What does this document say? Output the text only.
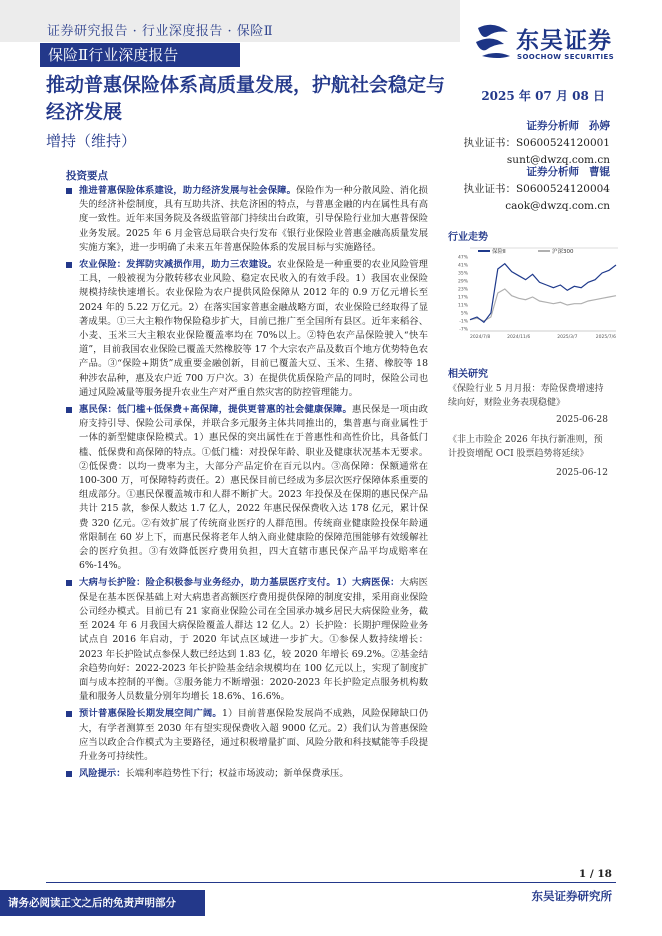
证券研究报告 · 行业深度报告 · 保险Ⅱ
保险Ⅱ行业深度报告
东吴证券
SOOCHOW SECURITIES
推动普惠保险体系高质量发展，护航社会稳定与经济发展
增持（维持）
2025 年 07 月 08 日
证券分析师 孙婷
执业证书：S0600524120001
sunt@dwzq.com.cn
证券分析师 曹锟
执业证书：S0600524120004
caok@dwzq.com.cn
投资要点
推进普惠保险体系建设，助力经济发展与社会保障。保险作为一种分散风险、消化损失的经济补偿制度，具有互助共济、扶危济困的特点，与普惠金融的内在属性具有高度一致性。近年来国务院及各级监管部门持续出台政策，引导保险行业加大惠普保险业务发展。2025 年 6 月金管总局联合央行发布《银行业保险业普惠金融高质量发展实施方案》，进一步明确了未来五年普惠保险体系的发展目标与实施路径。
农业保险：发挥防灾减损作用，助力三农建设。农业保险是一种重要的农业风险管理工具，一般被视为分散转移农业风险、稳定农民收入的有效手段。1）我国农业保险规模持续快速增长。农业保险为农户提供风险保障从 2012 年的 0.9 万亿元增长至 2024 年的 5.22 万亿元。2）在落实国家普惠金融战略方面，农业保险已经取得了显著成果。①三大主粮作物保险稳步扩大，目前已推广至全国所有县区。近年来稻谷、小麦、玉米三大主粮农业保险覆盖率均在 70%以上。②特色农产品保险驶入“快车道”，目前我国农业保险已覆盖天然橡胶等 17 个大宗农产品及数百个地方优势特色农产品。③“保险+期货”成重要金融创新，目前已覆盖大豆、玉米、生猪、橡胶等 18 种涉农品种，惠及农户近 700 万户次。3）在提供优质保险产品的同时，保险公司也通过风险减量等服务提升农业生产对严重自然灾害的防控管理能力。
惠民保：低门槛+低保费+高保障，提供更普惠的社会健康保障。惠民保是一项由政府支持引导、保险公司承保，并联合多元服务主体共同推出的，集普惠与商业属性于一体的新型健康保险模式。1）惠民保的突出属性在于普惠性和高性价比，具备低门槛、低保费和高保障的特点。①低门槛：对投保年龄、职业及健康状况基本无要求。②低保费：以均一费率为主，大部分产品定价在百元以内。③高保障：保额通常在 100-300 万，可保障特药责任。2）惠民保目前已经成为多层次医疗保障体系重要的组成部分。①惠民保覆盖城市和人群不断扩大。2023 年投保及在保期的惠民保产品共计 215 款，参保人数达 1.7 亿人，2022 年惠民保保费收入达 178 亿元，累计保费 320 亿元。②有效扩展了传统商业医疗的人群范围。传统商业健康险投保年龄通常限制在 60 岁上下，而惠民保将老年人纳入商业健康险的保障范围能够有效缓解社会的医疗负担。③有效降低医疗费用负担，四大直辖市惠民保产品平均成赔率在 6%-14%。
大病与长护险：险企积极参与业务经办，助力基层医疗支付。1）大病医保：大病医保是在基本医保基础上对大病患者高额医疗费用提供保障的制度安排，采用商业保险公司经办模式。目前已有 21 家商业保险公司在全国承办城乡居民大病保险业务，截至 2024 年 6 月我国大病保险覆盖人群达 12 亿人。2）长护险：长期护理保险业务试点自 2016 年启动，于 2020 年试点区域进一步扩大。①参保人数持续增长：2023 年长护险试点参保人数已经达到 1.83 亿，较 2020 年增长 69.2%。②基金结余趋势向好：2022-2023 年长护险基金结余规模均在 100 亿元以上，实现了制度扩面与成本控制的平衡。③服务能力不断增强：2020-2023 年长护险定点服务机构数量和服务人员数量分别年均增长 18.6%、16.6%。
预计普惠保险长期发展空间广阔。1）目前普惠保险发展尚不成熟，风险保障缺口仍大，有学者测算至 2030 年有望实现保费收入超 9000 亿元。2）我们认为普惠保险应当以政企合作模式为主要路径，通过积极增量扩面、风险分散和科技赋能等手段提升业务可持续性。
风险提示：长端利率趋势性下行；权益市场波动；新单保费承压。
行业走势
保险Ⅱ	沪深300
47%
41%
35%
29%
23%
17%
11%
5%
-1%
-7%
2024/7/8	2024/11/6	2025/3/7	2025/7/6
相关研究
《保险行业 5 月月报：寿险保费增速持续向好，财险业务表现稳健》
2025-06-28
《非上市险企 2026 年执行新准则，预计投资增配 OCI 股票趋势将延续》
2025-06-12
1 / 18
请务必阅读正文之后的免责声明部分	东吴证券研究所
